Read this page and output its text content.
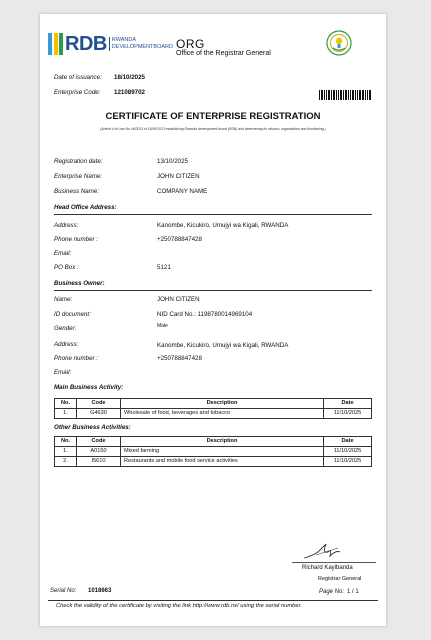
RDB RWANDA
DEVELOPMENTBOARD ORG
Office of the Registrar General
Date of issuance: 18/10/2025
Enterprise Code: 121089702
CERTIFICATE OF ENTERPRISE REGISTRATION
(Article 4 of Law No 46/2013 of 16/06/2013 establishing Rwanda development board (RDB) and determining its mission, organization and functioning.)
Registration date:	13/10/2025
Enterprise Name:	JOHN CITIZEN
Business Name:	COMPANY NAME
Head Office Address:
Address:	Kanombe, Kicukiro, Umujyi wa Kigali, RWANDA
Phone number :	+250788847428
Email:
PO Box :	5121
Business Owner:
Name:	JOHN CITIZEN
ID document:	NID Card No.: 1198780014969104
Gender:	Male
Address:	Kanombe, Kicukiro, Umujyi wa Kigali, RWANDA
Phone number :	+250788847428
Email:
Main Business Activity:
No.	Code	Description	Date
1.	G4630	Wholesale of food, beverages and tobacco	11/10/2025
Other Business Activities:
No.	Code	Description	Date
1.	A0150	Mixed farming	11/10/2025
2.	I5610	Restaurants and mobile food service activities	11/10/2025
Richard Kayibanda
Registrar General
Serial No: 1018663	Page No: 1 / 1
Check the validity of the certificate by visiting the link http://www.rdb.rw/ using the serial number.
